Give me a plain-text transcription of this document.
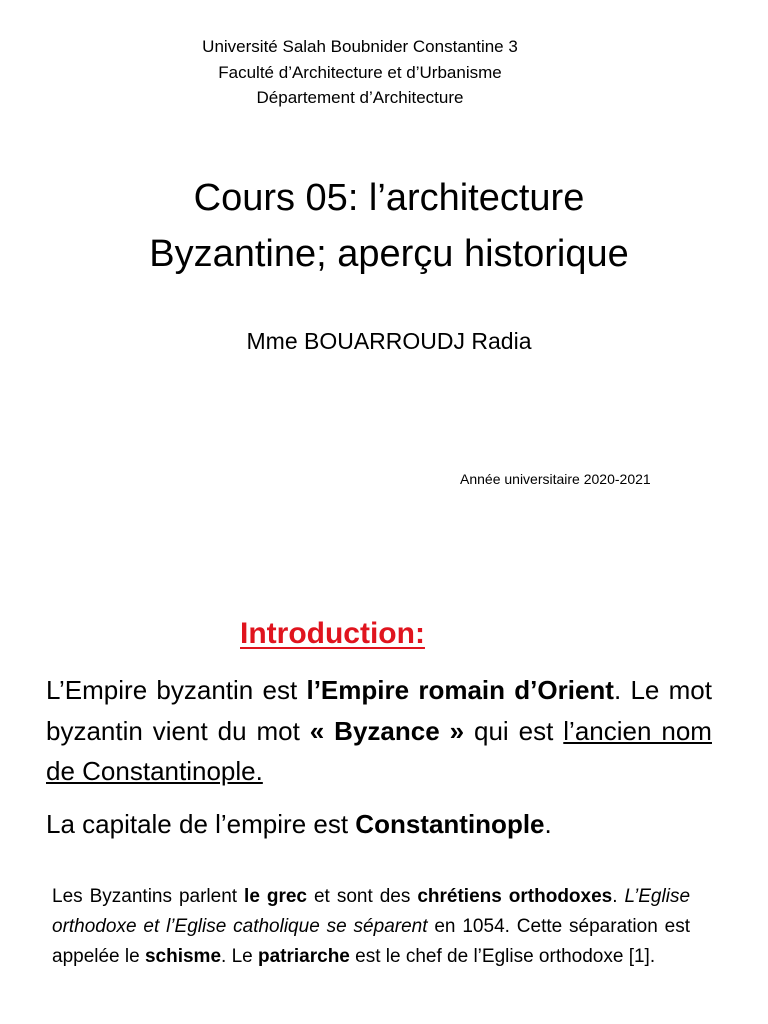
Université Salah Boubnider Constantine 3
Faculté d’Architecture et d’Urbanisme
Département d’Architecture
Cours 05: l’architecture
Byzantine; aperçu historique
Mme BOUARROUDJ Radia
Année universitaire 2020-2021
Introduction:

L’Empire byzantin est l’Empire romain d’Orient. Le mot byzantin vient du mot « Byzance » qui est l’ancien nom de Constantinople.

La capitale de l’empire est Constantinople.

Les Byzantins parlent le grec et sont des chrétiens orthodoxes. L’Eglise orthodoxe et l’Eglise catholique se séparent en 1054. Cette séparation est appelée le schisme. Le patriarche est le chef de l’Eglise orthodoxe [1].
